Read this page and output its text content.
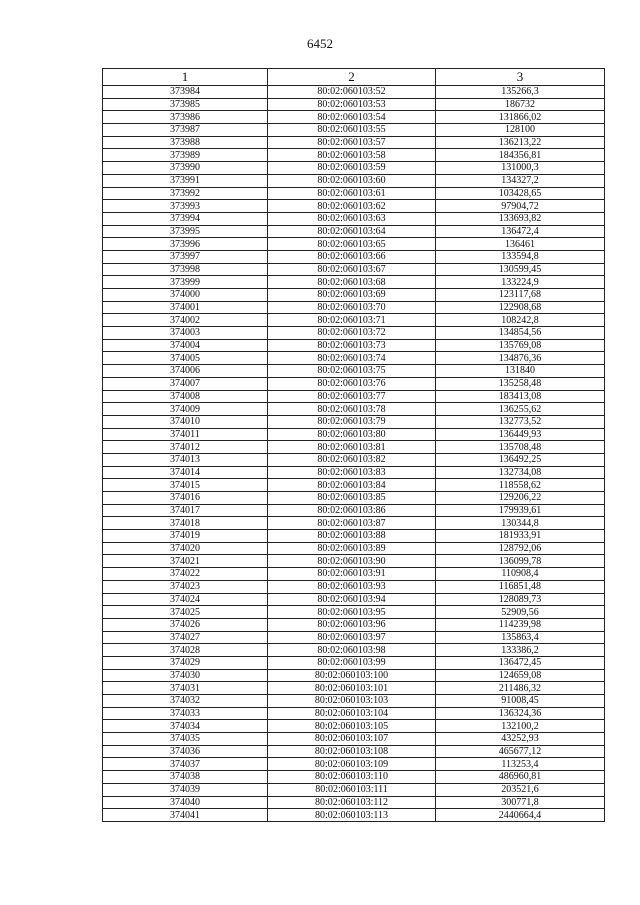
6452
1	2	3
373984	80:02:060103:52	135266,3
373985	80:02:060103:53	186732
373986	80:02:060103:54	131866,02
373987	80:02:060103:55	128100
373988	80:02:060103:57	136213,22
373989	80:02:060103:58	184356,81
373990	80:02:060103:59	131000,3
373991	80:02:060103:60	134327,2
373992	80:02:060103:61	103428,65
373993	80:02:060103:62	97904,72
373994	80:02:060103:63	133693,82
373995	80:02:060103:64	136472,4
373996	80:02:060103:65	136461
373997	80:02:060103:66	133594,8
373998	80:02:060103:67	130599,45
373999	80:02:060103:68	133224,9
374000	80:02:060103:69	123117,68
374001	80:02:060103:70	122908,68
374002	80:02:060103:71	108242,8
374003	80:02:060103:72	134854,56
374004	80:02:060103:73	135769,08
374005	80:02:060103:74	134876,36
374006	80:02:060103:75	131840
374007	80:02:060103:76	135258,48
374008	80:02:060103:77	183413,08
374009	80:02:060103:78	136255,62
374010	80:02:060103:79	132773,52
374011	80:02:060103:80	136449,93
374012	80:02:060103:81	135708,48
374013	80:02:060103:82	136492,25
374014	80:02:060103:83	132734,08
374015	80:02:060103:84	118558,62
374016	80:02:060103:85	129206,22
374017	80:02:060103:86	179939,61
374018	80:02:060103:87	130344,8
374019	80:02:060103:88	181933,91
374020	80:02:060103:89	128792,06
374021	80:02:060103:90	136099,78
374022	80:02:060103:91	110908,4
374023	80:02:060103:93	116851,48
374024	80:02:060103:94	128089,73
374025	80:02:060103:95	52909,56
374026	80:02:060103:96	114239,98
374027	80:02:060103:97	135863,4
374028	80:02:060103:98	133386,2
374029	80:02:060103:99	136472,45
374030	80:02:060103:100	124659,08
374031	80:02:060103:101	211486,32
374032	80:02:060103:103	91008,45
374033	80:02:060103:104	136324,36
374034	80:02:060103:105	132100,2
374035	80:02:060103:107	43252,93
374036	80:02:060103:108	465677,12
374037	80:02:060103:109	113253,4
374038	80:02:060103:110	486960,81
374039	80:02:060103:111	203521,6
374040	80:02:060103:112	300771,8
374041	80:02:060103:113	2440664,4
